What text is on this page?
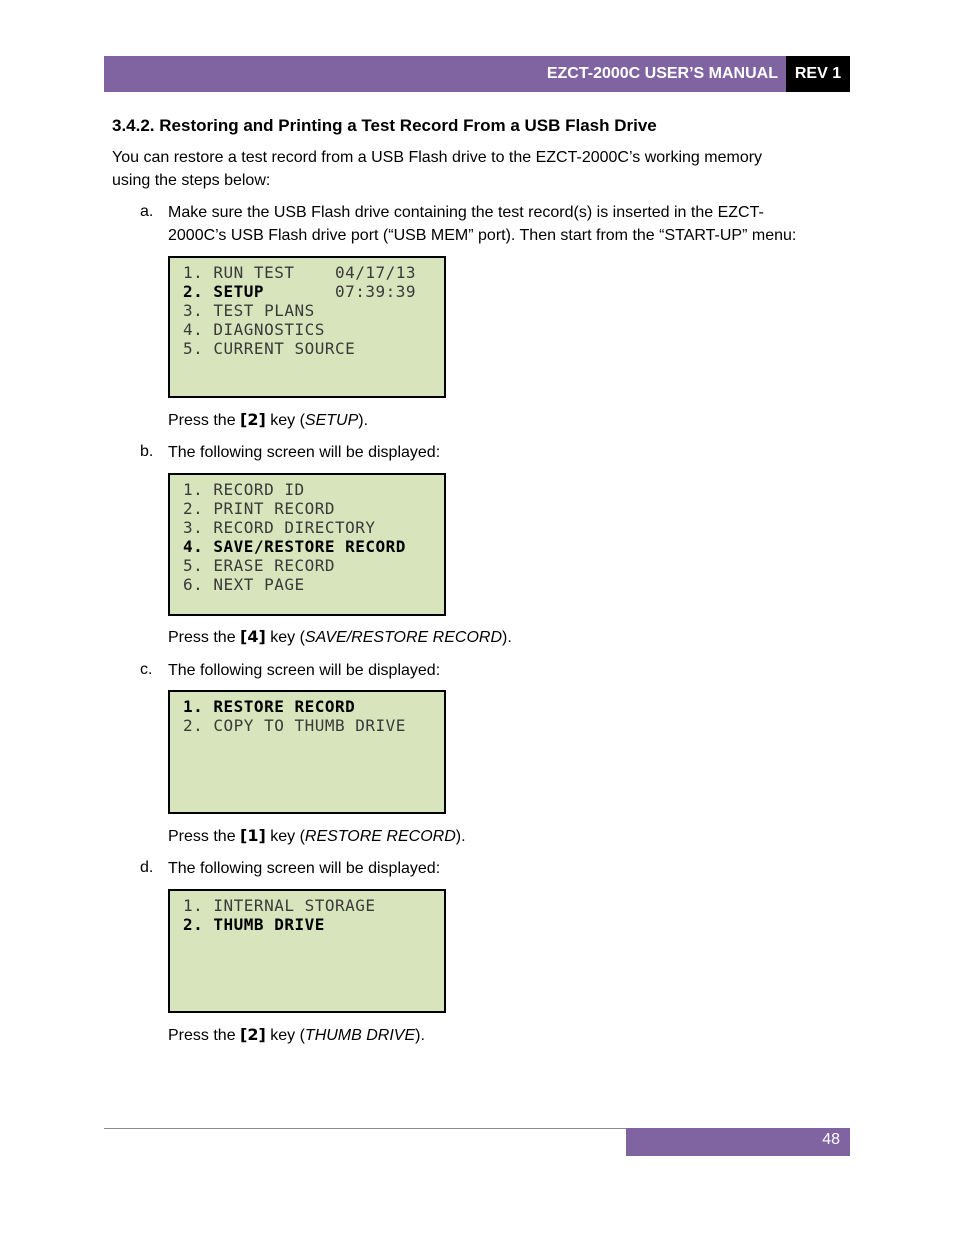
EZCT-2000C USER’S MANUAL	REV 1
3.4.2. Restoring and Printing a Test Record From a USB Flash Drive
You can restore a test record from a USB Flash drive to the EZCT-2000C’s working memory
using the steps below:
a. Make sure the USB Flash drive containing the test record(s) is inserted in the EZCT-
2000C’s USB Flash drive port (“USB MEM” port). Then start from the “START-UP” menu:
1. RUN TEST    04/17/13
2. SETUP       07:39:39
3. TEST PLANS
4. DIAGNOSTICS
5. CURRENT SOURCE
Press the [2] key (SETUP).
b. The following screen will be displayed:
1. RECORD ID
2. PRINT RECORD
3. RECORD DIRECTORY
4. SAVE/RESTORE RECORD
5. ERASE RECORD
6. NEXT PAGE
Press the [4] key (SAVE/RESTORE RECORD).
c. The following screen will be displayed:
1. RESTORE RECORD
2. COPY TO THUMB DRIVE
Press the [1] key (RESTORE RECORD).
d. The following screen will be displayed:
1. INTERNAL STORAGE
2. THUMB DRIVE
Press the [2] key (THUMB DRIVE).
48
